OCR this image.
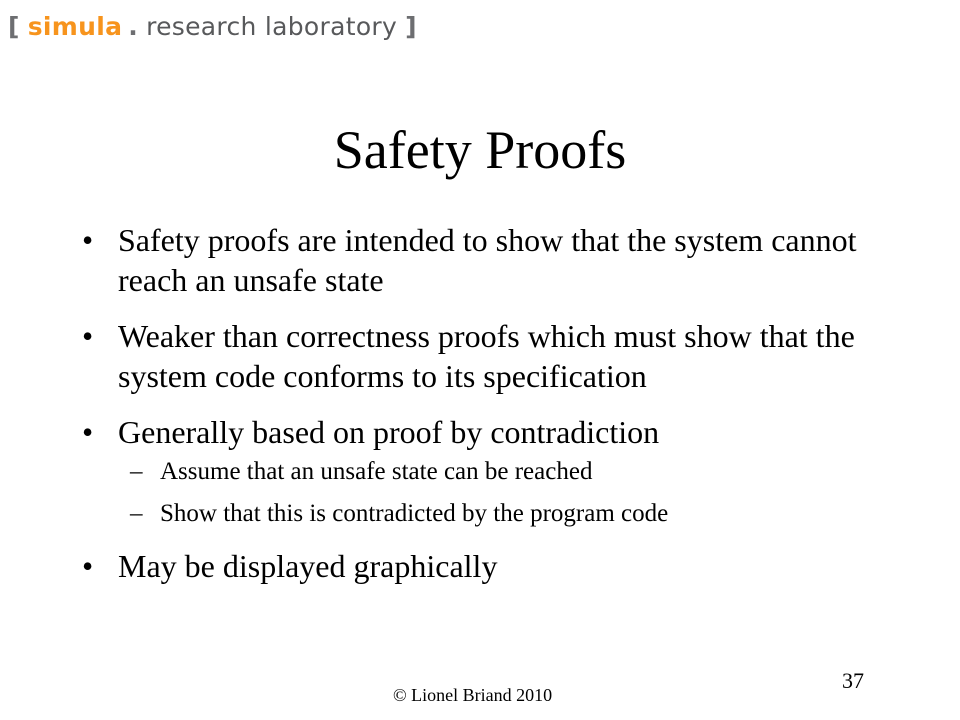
[ simula . research laboratory ]
Safety Proofs
• Safety proofs are intended to show that the system cannot reach an unsafe state
• Weaker than correctness proofs which must show that the system code conforms to its specification
• Generally based on proof by contradiction
– Assume that an unsafe state can be reached
– Show that this is contradicted by the program code
• May be displayed graphically
© Lionel Briand 2010
37
